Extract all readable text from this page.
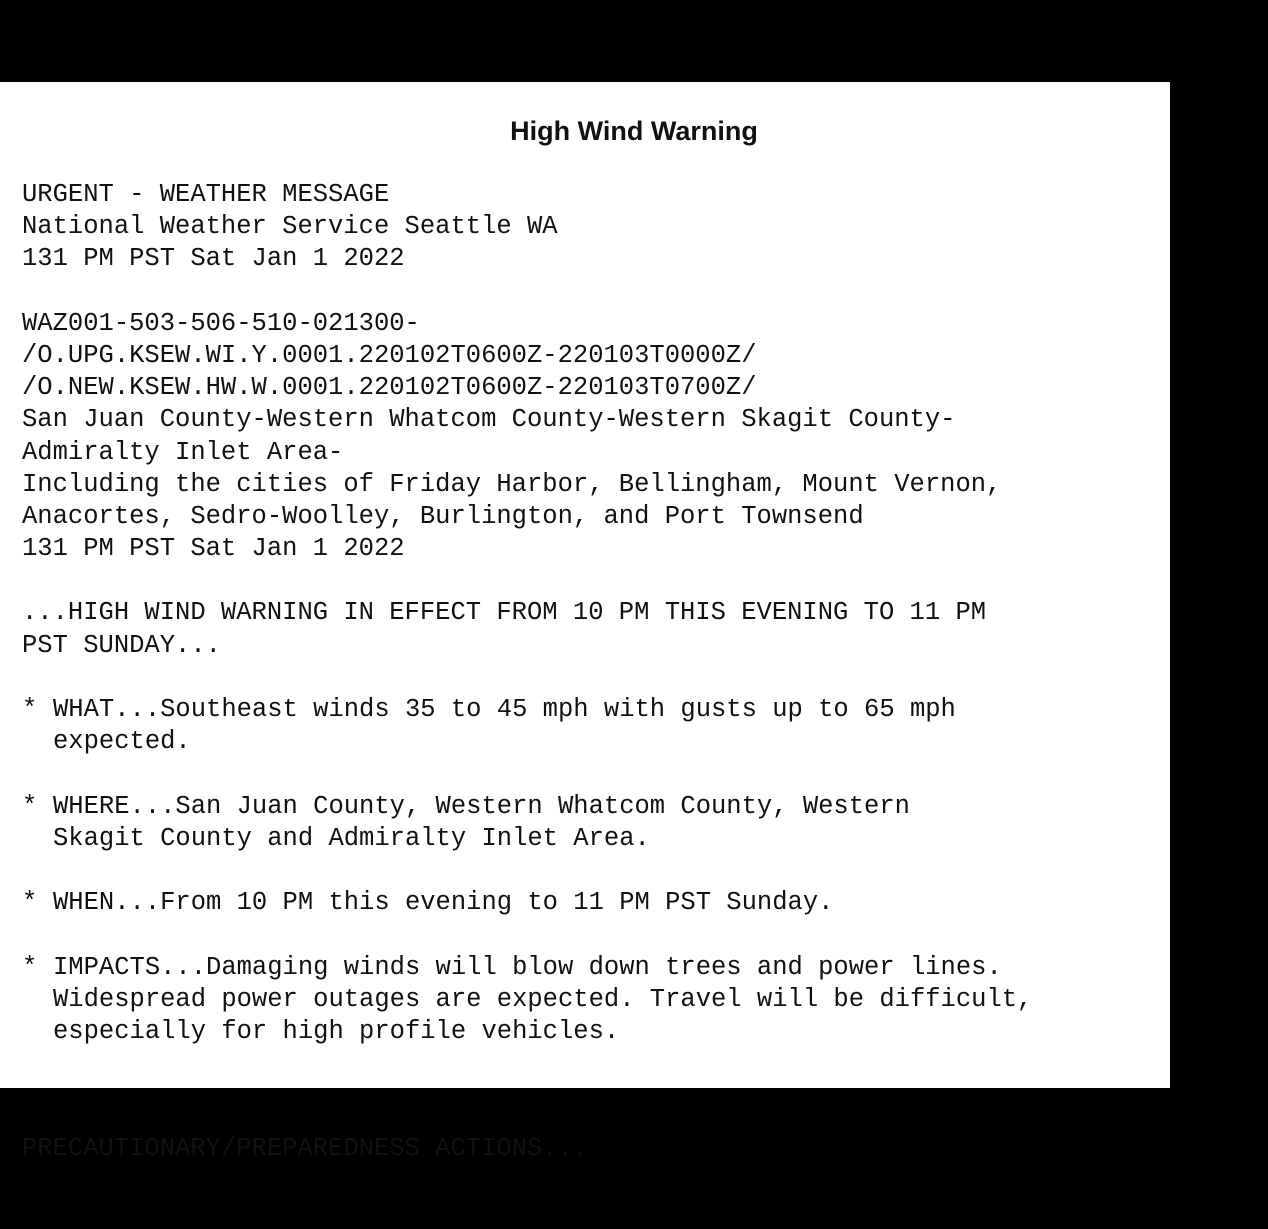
High Wind Warning
URGENT - WEATHER MESSAGE
National Weather Service Seattle WA
131 PM PST Sat Jan 1 2022
WAZ001-503-506-510-021300-
/O.UPG.KSEW.WI.Y.0001.220102T0600Z-220103T0000Z/
/O.NEW.KSEW.HW.W.0001.220102T0600Z-220103T0700Z/
San Juan County-Western Whatcom County-Western Skagit County-
Admiralty Inlet Area-
Including the cities of Friday Harbor, Bellingham, Mount Vernon,
Anacortes, Sedro-Woolley, Burlington, and Port Townsend
131 PM PST Sat Jan 1 2022
...HIGH WIND WARNING IN EFFECT FROM 10 PM THIS EVENING TO 11 PM
PST SUNDAY...
* WHAT...Southeast winds 35 to 45 mph with gusts up to 65 mph
expected.
* WHERE...San Juan County, Western Whatcom County, Western
Skagit County and Admiralty Inlet Area.
* WHEN...From 10 PM this evening to 11 PM PST Sunday.
* IMPACTS...Damaging winds will blow down trees and power lines.
Widespread power outages are expected. Travel will be difficult,
especially for high profile vehicles.

PRECAUTIONARY/PREPAREDNESS ACTIONS...
